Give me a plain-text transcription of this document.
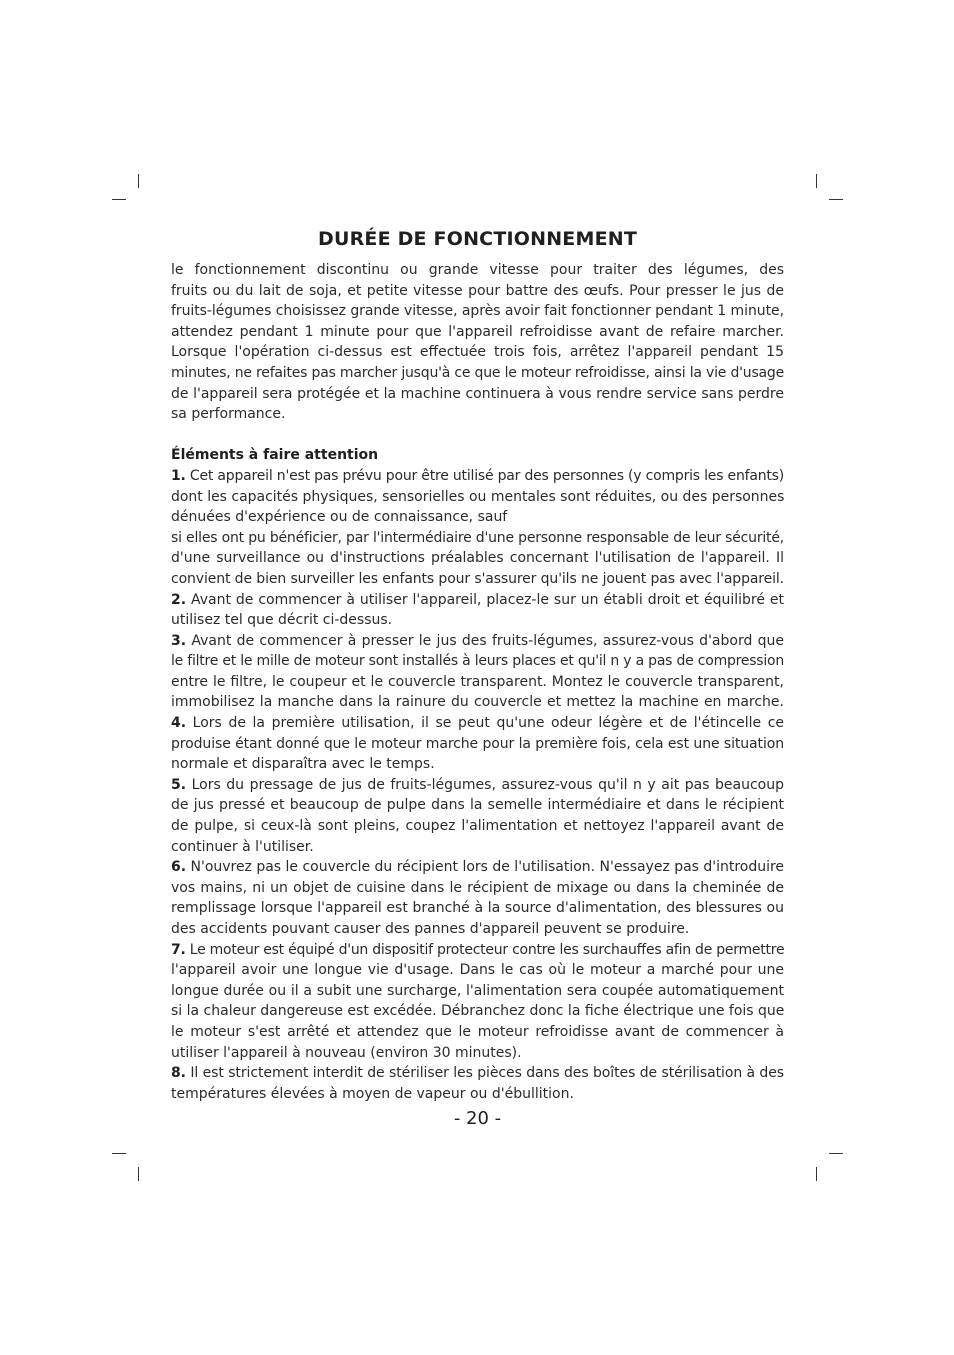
DURÉE DE FONCTIONNEMENT
le fonctionnement discontinu ou grande vitesse pour traiter des légumes, des
fruits ou du lait de soja, et petite vitesse pour battre des œufs. Pour presser le jus de
fruits-légumes choisissez grande vitesse, après avoir fait fonctionner pendant 1 minute,
attendez pendant 1 minute pour que l'appareil refroidisse avant de refaire marcher.
Lorsque l'opération ci-dessus est effectuée trois fois, arrêtez l'appareil pendant 15
minutes, ne refaites pas marcher jusqu'à ce que le moteur refroidisse, ainsi la vie d'usage
de l'appareil sera protégée et la machine continuera à vous rendre service sans perdre
sa performance.
Éléments à faire attention
1. Cet appareil n'est pas prévu pour être utilisé par des personnes (y compris les enfants)
dont les capacités physiques, sensorielles ou mentales sont réduites, ou des personnes
dénuées d'expérience ou de connaissance, sauf
si elles ont pu bénéficier, par l'intermédiaire d'une personne responsable de leur sécurité,
d'une surveillance ou d'instructions préalables concernant l'utilisation de l'appareil. Il
convient de bien surveiller les enfants pour s'assurer qu'ils ne jouent pas avec l'appareil.
2. Avant de commencer à utiliser l'appareil, placez-le sur un établi droit et équilibré et
utilisez tel que décrit ci-dessus.
3. Avant de commencer à presser le jus des fruits-légumes, assurez-vous d'abord que
le filtre et le mille de moteur sont installés à leurs places et qu'il n y a pas de compression
entre le filtre, le coupeur et le couvercle transparent. Montez le couvercle transparent,
immobilisez la manche dans la rainure du couvercle et mettez la machine en marche.
4. Lors de la première utilisation, il se peut qu'une odeur légère et de l'étincelle ce
produise étant donné que le moteur marche pour la première fois, cela est une situation
normale et disparaîtra avec le temps.
5. Lors du pressage de jus de fruits-légumes, assurez-vous qu'il n y ait pas beaucoup
de jus pressé et beaucoup de pulpe dans la semelle intermédiaire et dans le récipient
de pulpe, si ceux-là sont pleins, coupez l'alimentation et nettoyez l'appareil avant de
continuer à l'utiliser.
6. N'ouvrez pas le couvercle du récipient lors de l'utilisation. N'essayez pas d'introduire
vos mains, ni un objet de cuisine dans le récipient de mixage ou dans la cheminée de
remplissage lorsque l'appareil est branché à la source d'alimentation, des blessures ou
des accidents pouvant causer des pannes d'appareil peuvent se produire.
7. Le moteur est équipé d'un dispositif protecteur contre les surchauffes afin de permettre
l'appareil avoir une longue vie d'usage. Dans le cas où le moteur a marché pour une
longue durée ou il a subit une surcharge, l'alimentation sera coupée automatiquement
si la chaleur dangereuse est excédée. Débranchez donc la fiche électrique une fois que
le moteur s'est arrêté et attendez que le moteur refroidisse avant de commencer à
utiliser l'appareil à nouveau (environ 30 minutes).
8. Il est strictement interdit de stériliser les pièces dans des boîtes de stérilisation à des
températures élevées à moyen de vapeur ou d'ébullition.
- 20 -
